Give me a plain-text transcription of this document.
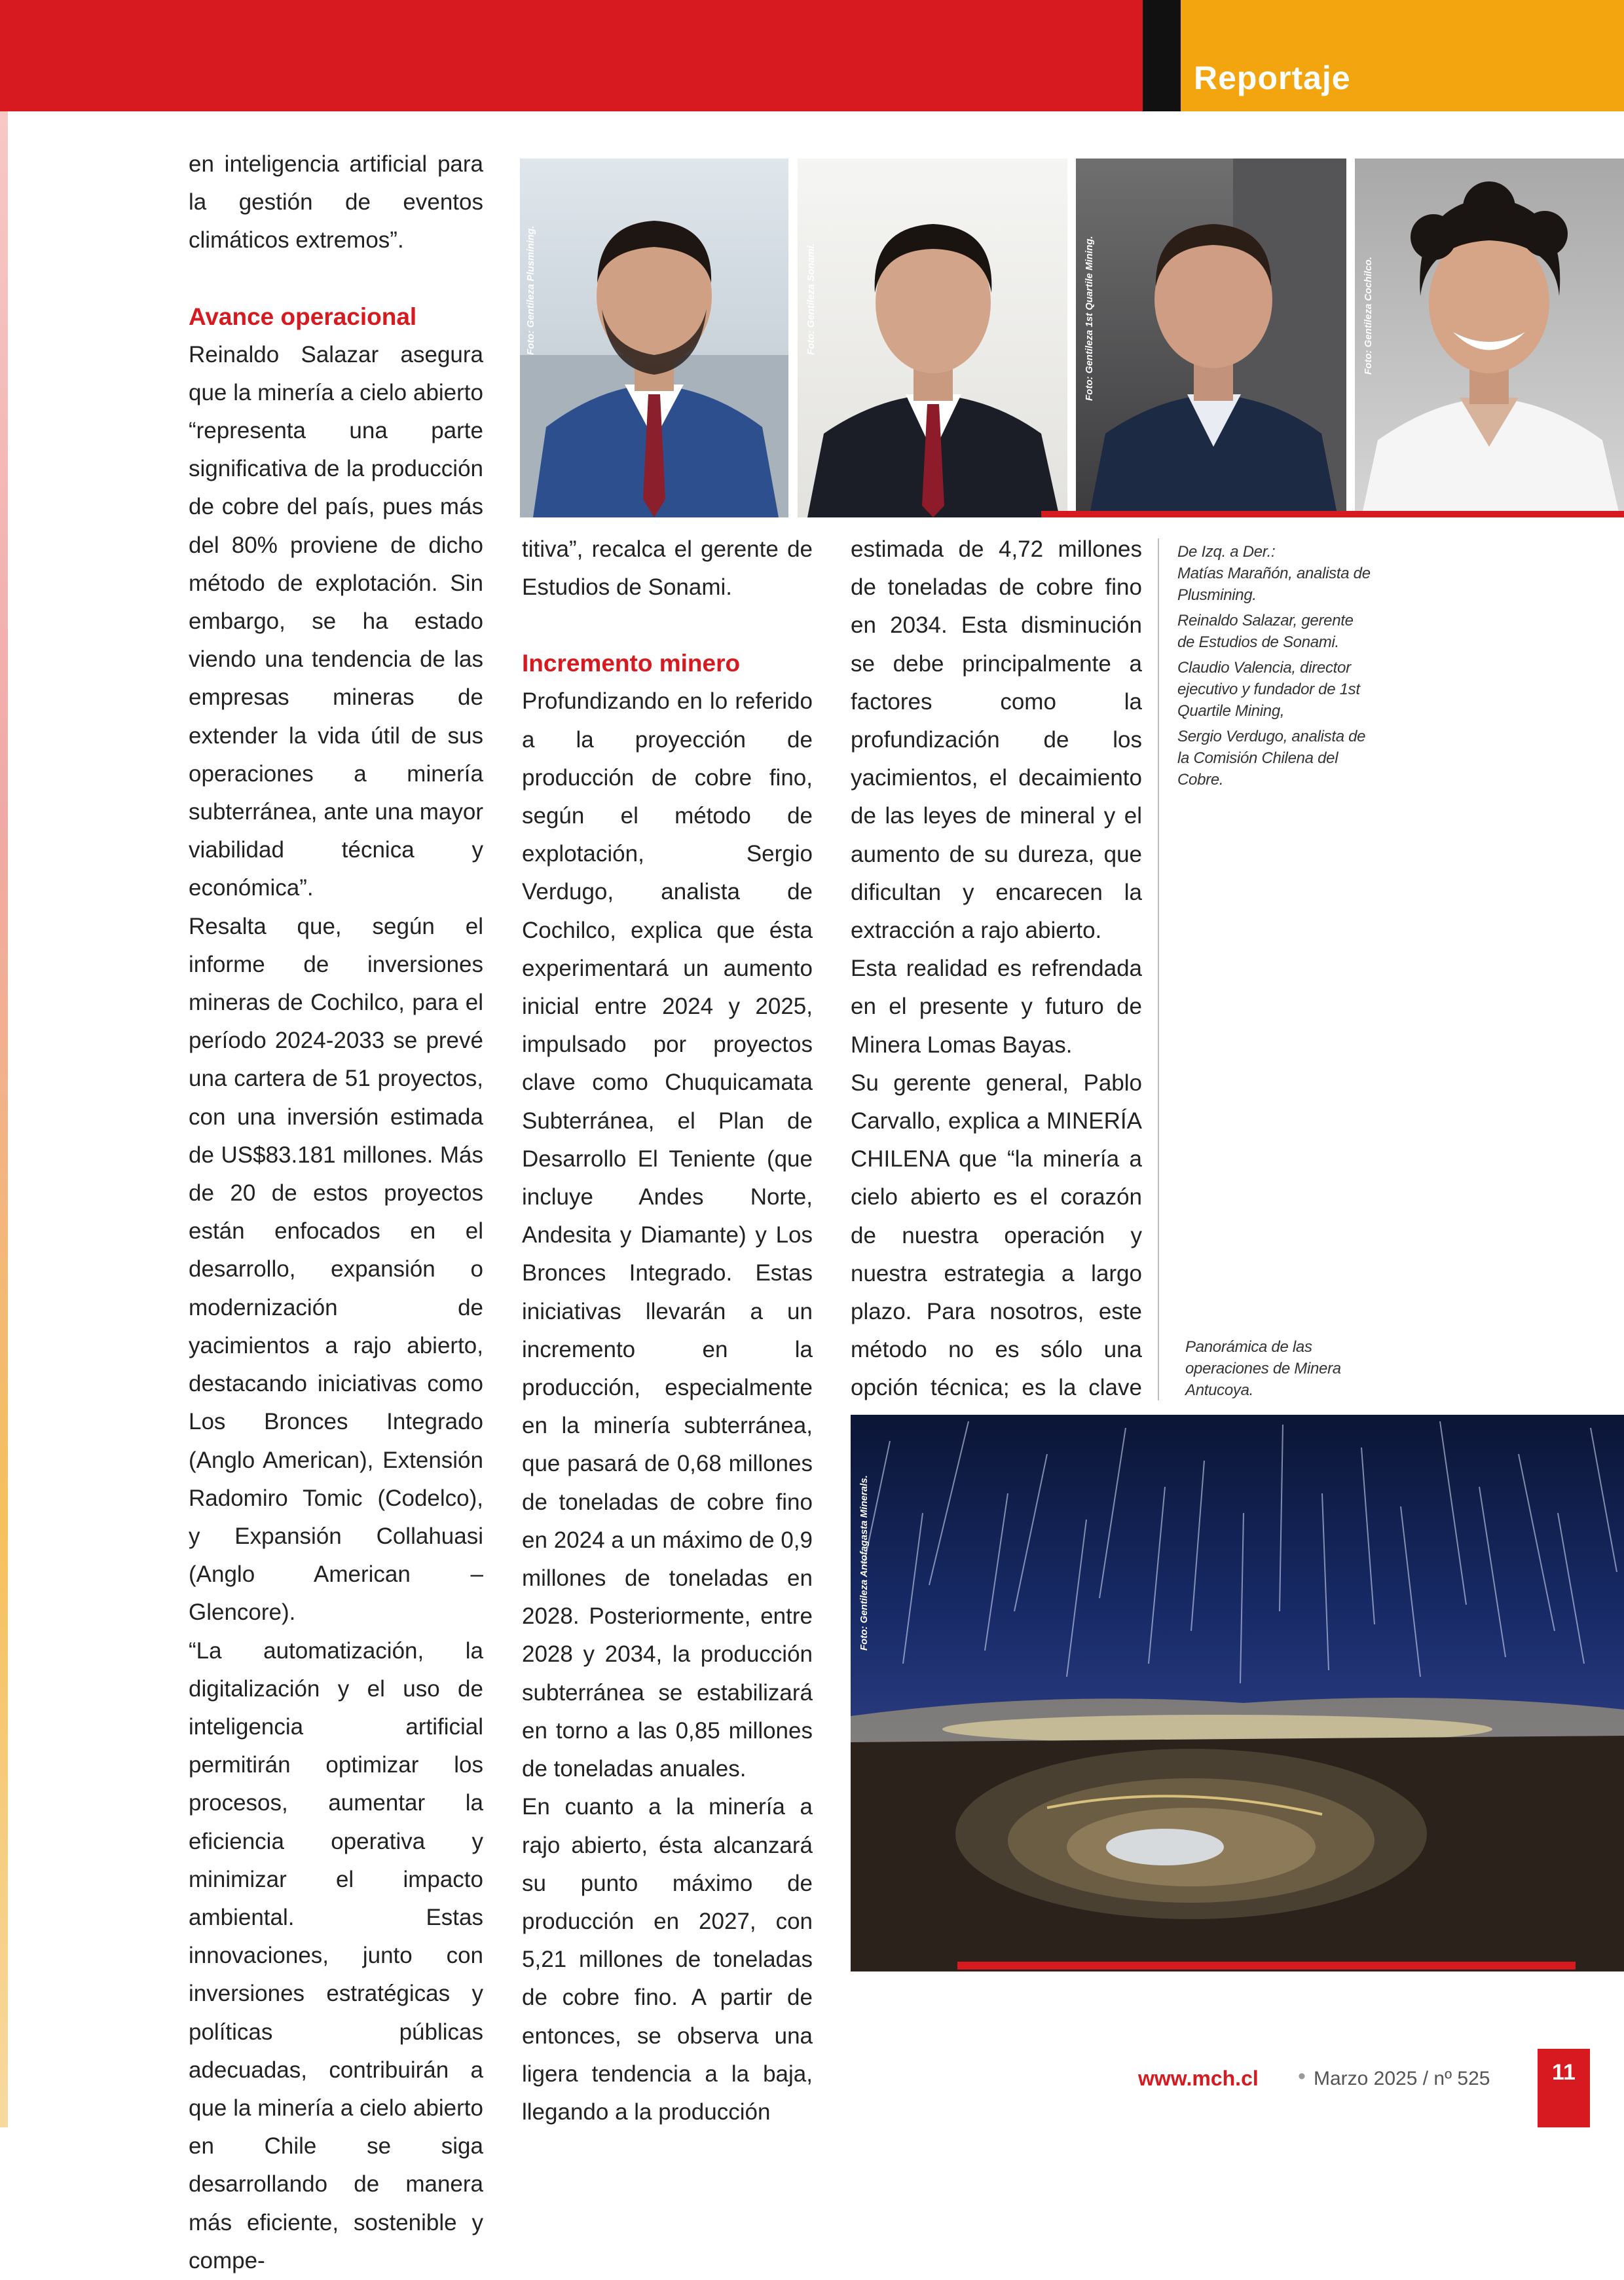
Reportaje

en inteligencia artificial para la gestión de eventos climáticos extremos”.

Avance operacional

Reinaldo Salazar asegura que la minería a cielo abierto “representa una parte significativa de la producción de cobre del país, pues más del 80% proviene de dicho método de explotación. Sin embargo, se ha estado viendo una tendencia de las empresas mineras de extender la vida útil de sus operaciones a minería subterránea, ante una mayor viabilidad técnica y económica”.

Resalta que, según el informe de inversiones mineras de Cochilco, para el período 2024-2033 se prevé una cartera de 51 proyectos, con una inversión estimada de US$83.181 millones. Más de 20 de estos proyectos están enfocados en el desarrollo, expansión o modernización de yacimientos a rajo abierto, destacando iniciativas como Los Bronces Integrado (Anglo American), Extensión Radomiro Tomic (Codelco), y Expansión Collahuasi (Anglo American – Glencore).

“La automatización, la digitalización y el uso de inteligencia artificial permitirán optimizar los procesos, aumentar la eficiencia operativa y minimizar el impacto ambiental. Estas innovaciones, junto con inversiones estratégicas y políticas públicas adecuadas, contribuirán a que la minería a cielo abierto en Chile se siga desarrollando de manera más eficiente, sostenible y compe-

titiva”, recalca el gerente de Estudios de Sonami.

Incremento minero

Profundizando en lo referido a la proyección de producción de cobre fino, según el método de explotación, Sergio Verdugo, analista de Cochilco, explica que ésta experimentará un aumento inicial entre 2024 y 2025, impulsado por proyectos clave como Chuquicamata Subterránea, el Plan de Desarrollo El Teniente (que incluye Andes Norte, Andesita y Diamante) y Los Bronces Integrado. Estas iniciativas llevarán a un incremento en la producción, especialmente en la minería subterránea, que pasará de 0,68 millones de toneladas de cobre fino en 2024 a un máximo de 0,9 millones de toneladas en 2028. Posteriormente, entre 2028 y 2034, la producción subterránea se estabilizará en torno a las 0,85 millones de toneladas anuales.

En cuanto a la minería a rajo abierto, ésta alcanzará su punto máximo de producción en 2027, con 5,21 millones de toneladas de cobre fino. A partir de entonces, se observa una ligera tendencia a la baja, llegando a la producción

estimada de 4,72 millones de toneladas de cobre fino en 2034. Esta disminución se debe principalmente a factores como la profundización de los yacimientos, el decaimiento de las leyes de mineral y el aumento de su dureza, que dificultan y encarecen la extracción a rajo abierto.

Esta realidad es refrendada en el presente y futuro de Minera Lomas Bayas.

Su gerente general, Pablo Carvallo, explica a MINERÍA CHILENA que “la minería a cielo abierto es el corazón de nuestra operación y nuestra estrategia a largo plazo. Para nosotros, este método no es sólo una opción técnica; es la clave

De Izq. a Der.:

Matías Marañón, analista de Plusmining.

Reinaldo Salazar, gerente de Estudios de Sonami.

Claudio Valencia, director ejecutivo y fundador de 1st Quartile Mining,

Sergio Verdugo, analista de la Comisión Chilena del Cobre.

Panorámica de las operaciones de Minera Antucoya.

Foto: Gentileza Plusmining.	Foto: Gentileza Sonami.	Foto: Gentileza 1st Quartile Mining.	Foto: Gentileza Cochilco.
Foto: Gentileza Antofagasta Minerals.
www.mch.cl • Marzo 2025 / nº 525	11
